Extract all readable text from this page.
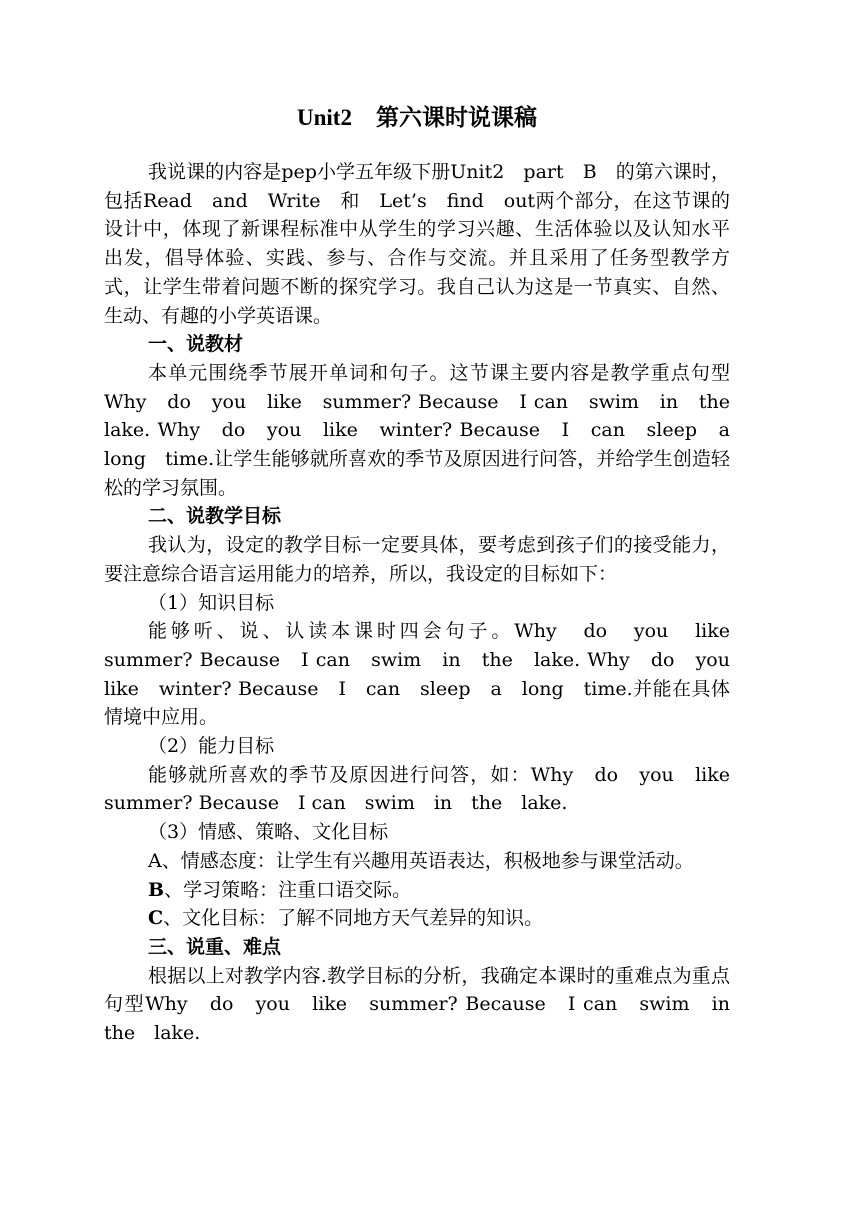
Unit2 第六课时说课稿

我说课的内容是pep小学五年级下册Unit2　part　B　的第六课时，包括Read　and　Write　和　Let’s　find　out两个部分，在这节课的设计中，体现了新课程标准中从学生的学习兴趣、生活体验以及认知水平出发，倡导体验、实践、参与、合作与交流。并且采用了任务型教学方式，让学生带着问题不断的探究学习。我自己认为这是一节真实、自然、生动、有趣的小学英语课。

一、说教材

本单元围绕季节展开单词和句子。这节课主要内容是教学重点句型Why　do　you　like　summer? Because　I can　swim　in　the　lake. Why　do　you　like　winter? Because　I　can　sleep　a　long　time.让学生能够就所喜欢的季节及原因进行问答，并给学生创造轻松的学习氛围。

二、说教学目标

我认为，设定的教学目标一定要具体，要考虑到孩子们的接受能力，要注意综合语言运用能力的培养，所以，我设定的目标如下：

（1）知识目标

能够听、说、认读本课时四会句子。Why　do　you　like　summer? Because　I can　swim　in　the　lake. Why　do　you　like　winter? Because　I　can　sleep　a　long　time.并能在具体情境中应用。

（2）能力目标

能够就所喜欢的季节及原因进行问答，如：Why　do　you　like　summer? Because　I can　swim　in　the　lake.

（3）情感、策略、文化目标

A、情感态度：让学生有兴趣用英语表达，积极地参与课堂活动。

B、学习策略：注重口语交际。

C、文化目标：了解不同地方天气差异的知识。

三、说重、难点

根据以上对教学内容.教学目标的分析，我确定本课时的重难点为重点句型Why　do　you　like　summer? Because　I can　swim　in　the　lake.
